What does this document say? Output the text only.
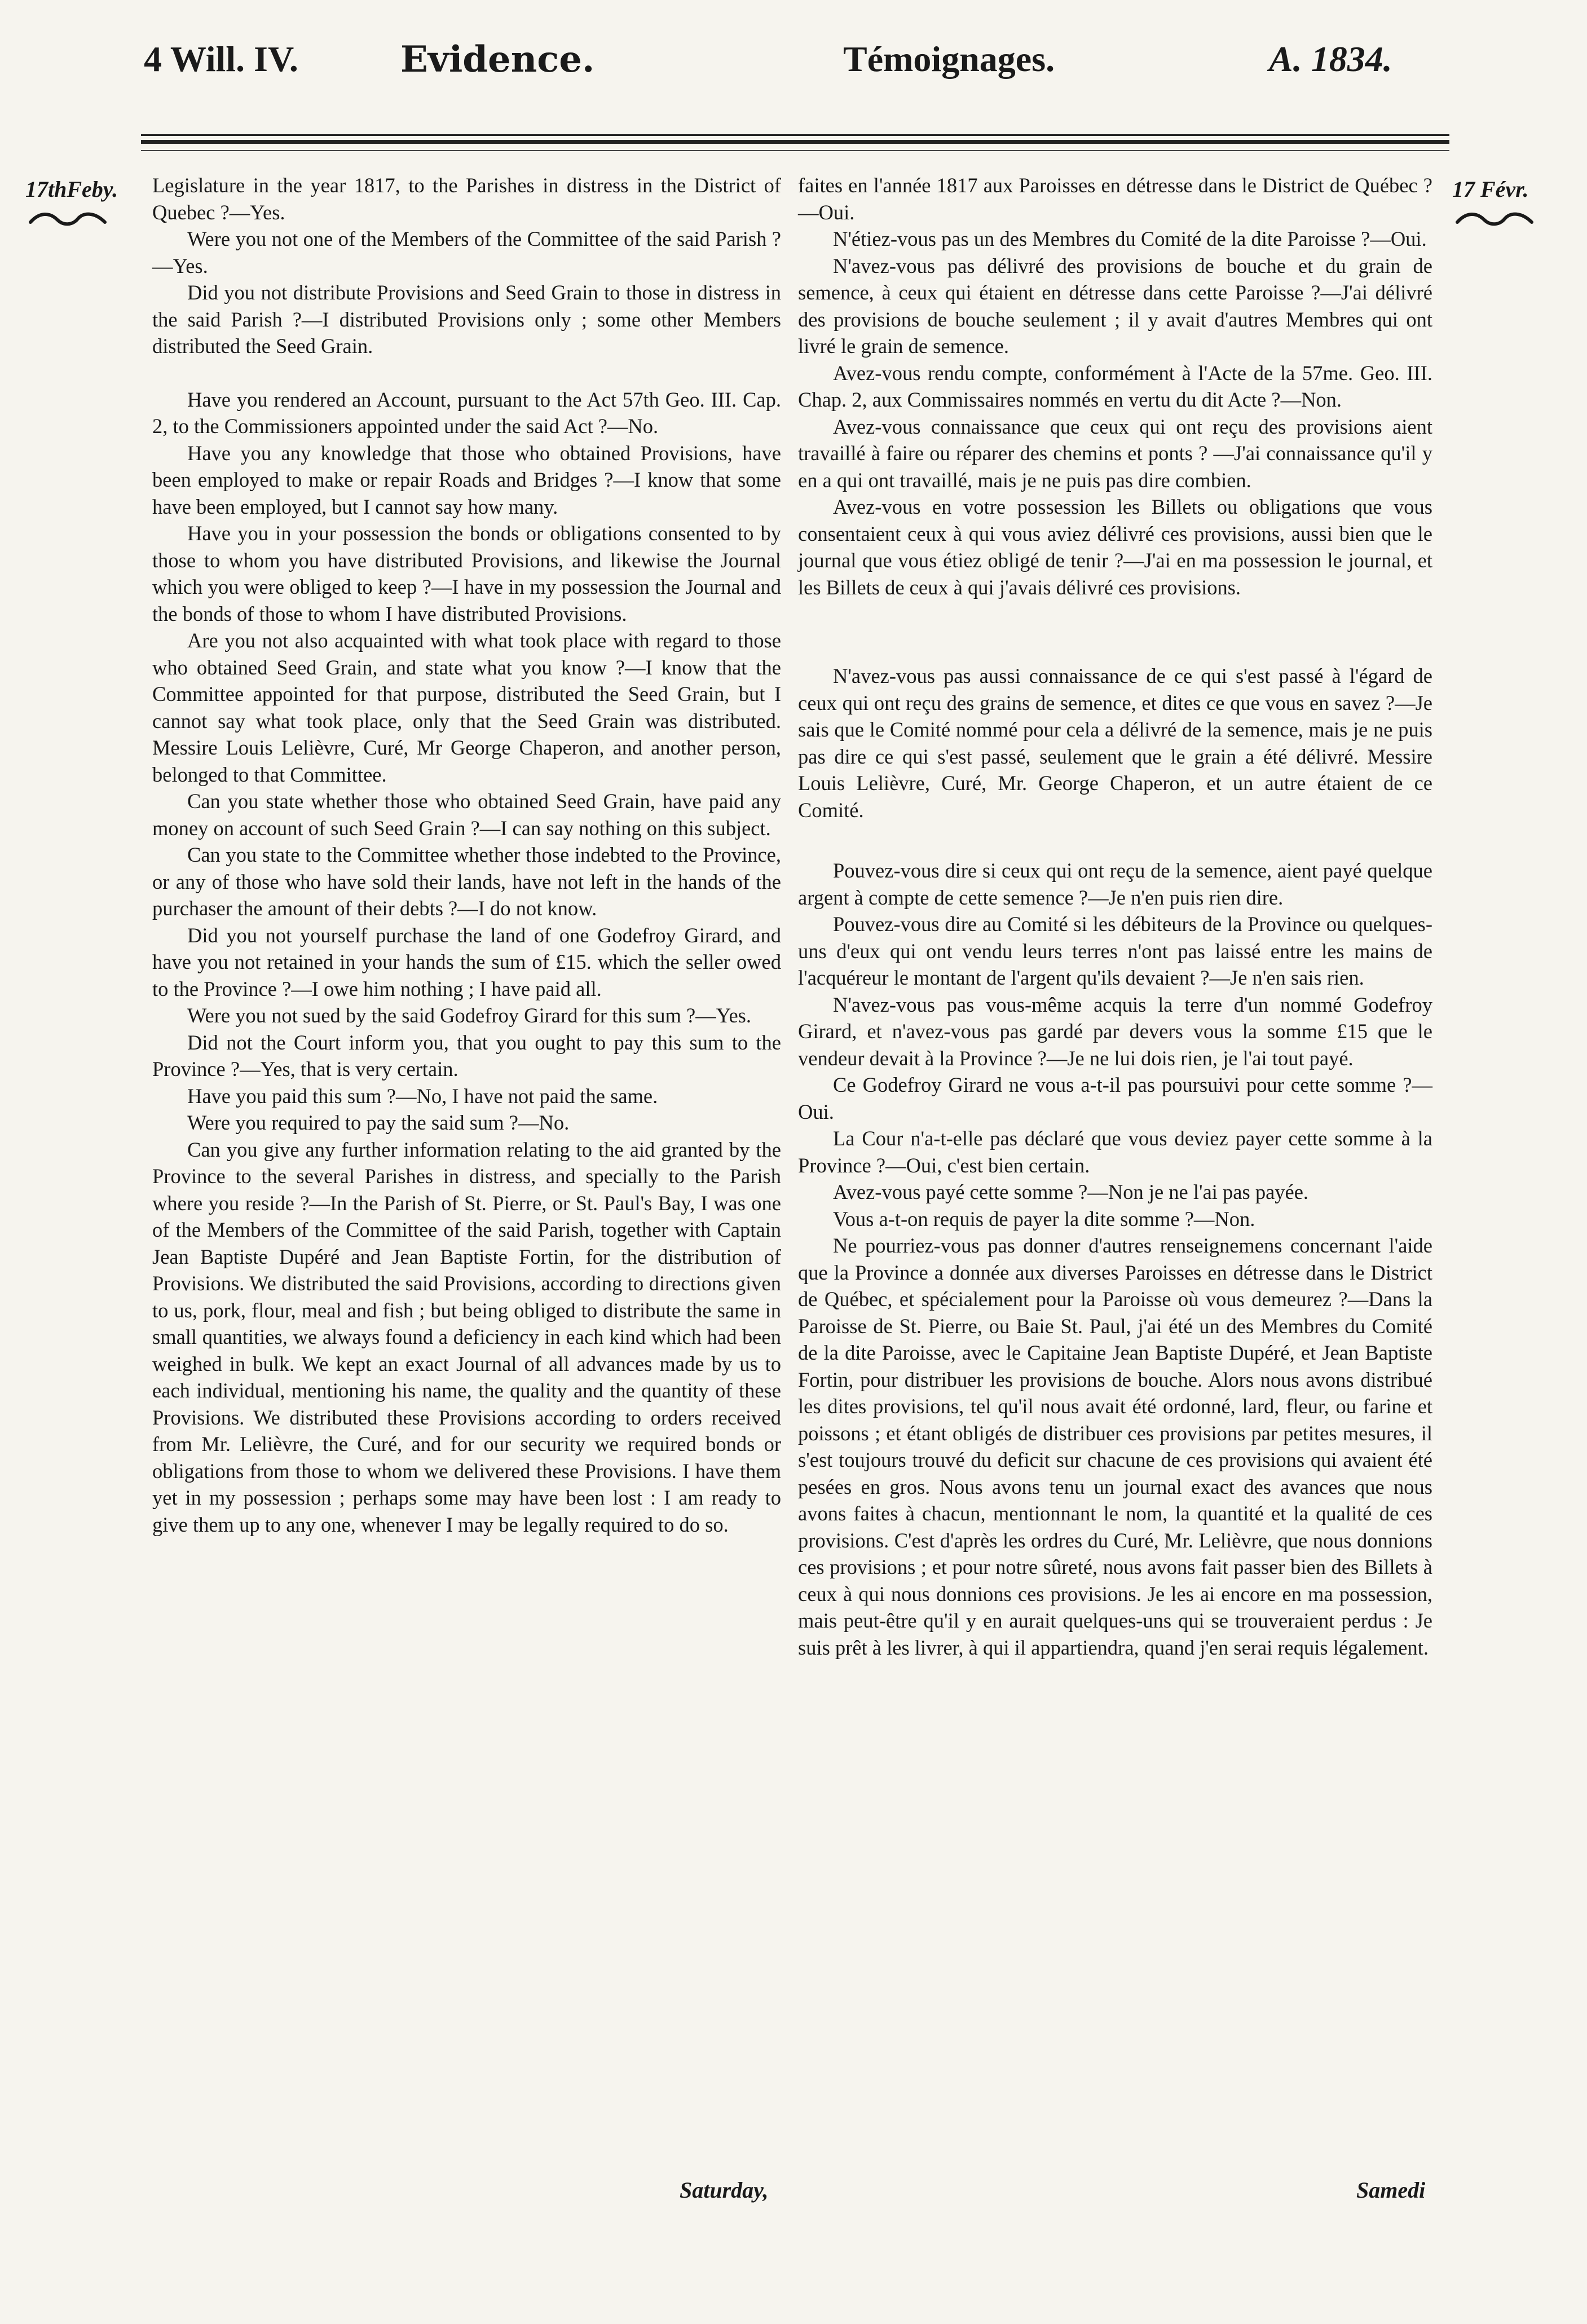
4 Will. IV.	Evidence.	Témoignages.	A. 1834.
17thFeby.	17 Févr.

Legislature in the year 1817, to the Parishes in distress in the District of Quebec ?—Yes.

Were you not one of the Members of the Committee of the said Parish ?—Yes.

Did you not distribute Provisions and Seed Grain to those in distress in the said Parish ?—I distributed Provisions only ; some other Members distributed the Seed Grain.

Have you rendered an Account, pursuant to the Act 57th Geo. III. Cap. 2, to the Commissioners appointed under the said Act ?—No.

Have you any knowledge that those who obtained Provisions, have been employed to make or repair Roads and Bridges ?—I know that some have been employed, but I cannot say how many.

Have you in your possession the bonds or obligations consented to by those to whom you have distributed Provisions, and likewise the Journal which you were obliged to keep ?—I have in my possession the Journal and the bonds of those to whom I have distributed Provisions.

Are you not also acquainted with what took place with regard to those who obtained Seed Grain, and state what you know ?—I know that the Committee appointed for that purpose, distributed the Seed Grain, but I cannot say what took place, only that the Seed Grain was distributed. Messire Louis Lelièvre, Curé, Mr George Chaperon, and another person, belonged to that Committee.

Can you state whether those who obtained Seed Grain, have paid any money on account of such Seed Grain ?—I can say nothing on this subject.

Can you state to the Committee whether those indebted to the Province, or any of those who have sold their lands, have not left in the hands of the purchaser the amount of their debts ?—I do not know.

Did you not yourself purchase the land of one Godefroy Girard, and have you not retained in your hands the sum of £15. which the seller owed to the Province ?—I owe him nothing ; I have paid all.

Were you not sued by the said Godefroy Girard for this sum ?—Yes.

Did not the Court inform you, that you ought to pay this sum to the Province ?—Yes, that is very certain.

Have you paid this sum ?—No, I have not paid the same.

Were you required to pay the said sum ?—No.

Can you give any further information relating to the aid granted by the Province to the several Parishes in distress, and specially to the Parish where you reside ?—In the Parish of St. Pierre, or St. Paul's Bay, I was one of the Members of the Committee of the said Parish, together with Captain Jean Baptiste Dupéré and Jean Baptiste Fortin, for the distribution of Provisions. We distributed the said Provisions, according to directions given to us, pork, flour, meal and fish ; but being obliged to distribute the same in small quantities, we always found a deficiency in each kind which had been weighed in bulk. We kept an exact Journal of all advances made by us to each individual, mentioning his name, the quality and the quantity of these Provisions. We distributed these Provisions according to orders received from Mr. Lelièvre, the Curé, and for our security we required bonds or obligations from those to whom we delivered these Provisions. I have them yet in my possession ; perhaps some may have been lost : I am ready to give them up to any one, whenever I may be legally required to do so.

faites en l'année 1817 aux Paroisses en détresse dans le District de Québec ?—Oui.

N'étiez-vous pas un des Membres du Comité de la dite Paroisse ?—Oui.

N'avez-vous pas délivré des provisions de bouche et du grain de semence, à ceux qui étaient en détresse dans cette Paroisse ?—J'ai délivré des provisions de bouche seulement ; il y avait d'autres Membres qui ont livré le grain de semence.

Avez-vous rendu compte, conformément à l'Acte de la 57me. Geo. III. Chap. 2, aux Commissaires nommés en vertu du dit Acte ?—Non.

Avez-vous connaissance que ceux qui ont reçu des provisions aient travaillé à faire ou réparer des chemins et ponts ? —J'ai connaissance qu'il y en a qui ont travaillé, mais je ne puis pas dire combien.

Avez-vous en votre possession les Billets ou obligations que vous consentaient ceux à qui vous aviez délivré ces provisions, aussi bien que le journal que vous étiez obligé de tenir ?—J'ai en ma possession le journal, et les Billets de ceux à qui j'avais délivré ces provisions.

N'avez-vous pas aussi connaissance de ce qui s'est passé à l'égard de ceux qui ont reçu des grains de semence, et dites ce que vous en savez ?—Je sais que le Comité nommé pour cela a délivré de la semence, mais je ne puis pas dire ce qui s'est passé, seulement que le grain a été délivré. Messire Louis Lelièvre, Curé, Mr. George Chaperon, et un autre étaient de ce Comité.

Pouvez-vous dire si ceux qui ont reçu de la semence, aient payé quelque argent à compte de cette semence ?—Je n'en puis rien dire.

Pouvez-vous dire au Comité si les débiteurs de la Province ou quelques-uns d'eux qui ont vendu leurs terres n'ont pas laissé entre les mains de l'acquéreur le montant de l'argent qu'ils devaient ?—Je n'en sais rien.

N'avez-vous pas vous-même acquis la terre d'un nommé Godefroy Girard, et n'avez-vous pas gardé par devers vous la somme £15 que le vendeur devait à la Province ?—Je ne lui dois rien, je l'ai tout payé.

Ce Godefroy Girard ne vous a-t-il pas poursuivi pour cette somme ?—Oui.

La Cour n'a-t-elle pas déclaré que vous deviez payer cette somme à la Province ?—Oui, c'est bien certain.

Avez-vous payé cette somme ?—Non je ne l'ai pas payée.

Vous a-t-on requis de payer la dite somme ?—Non.

Ne pourriez-vous pas donner d'autres renseignemens concernant l'aide que la Province a donnée aux diverses Paroisses en détresse dans le District de Québec, et spécialement pour la Paroisse où vous demeurez ?—Dans la Paroisse de St. Pierre, ou Baie St. Paul, j'ai été un des Membres du Comité de la dite Paroisse, avec le Capitaine Jean Baptiste Dupéré, et Jean Baptiste Fortin, pour distribuer les provisions de bouche. Alors nous avons distribué les dites provisions, tel qu'il nous avait été ordonné, lard, fleur, ou farine et poissons ; et étant obligés de distribuer ces provisions par petites mesures, il s'est toujours trouvé du deficit sur chacune de ces provisions qui avaient été pesées en gros. Nous avons tenu un journal exact des avances que nous avons faites à chacun, mentionnant le nom, la quantité et la qualité de ces provisions. C'est d'après les ordres du Curé, Mr. Lelièvre, que nous donnions ces provisions ; et pour notre sûreté, nous avons fait passer bien des Billets à ceux à qui nous donnions ces provisions. Je les ai encore en ma possession, mais peut-être qu'il y en aurait quelques-uns qui se trouveraient perdus : Je suis prêt à les livrer, à qui il appartiendra, quand j'en serai requis légalement.

Saturday,	Samedi
